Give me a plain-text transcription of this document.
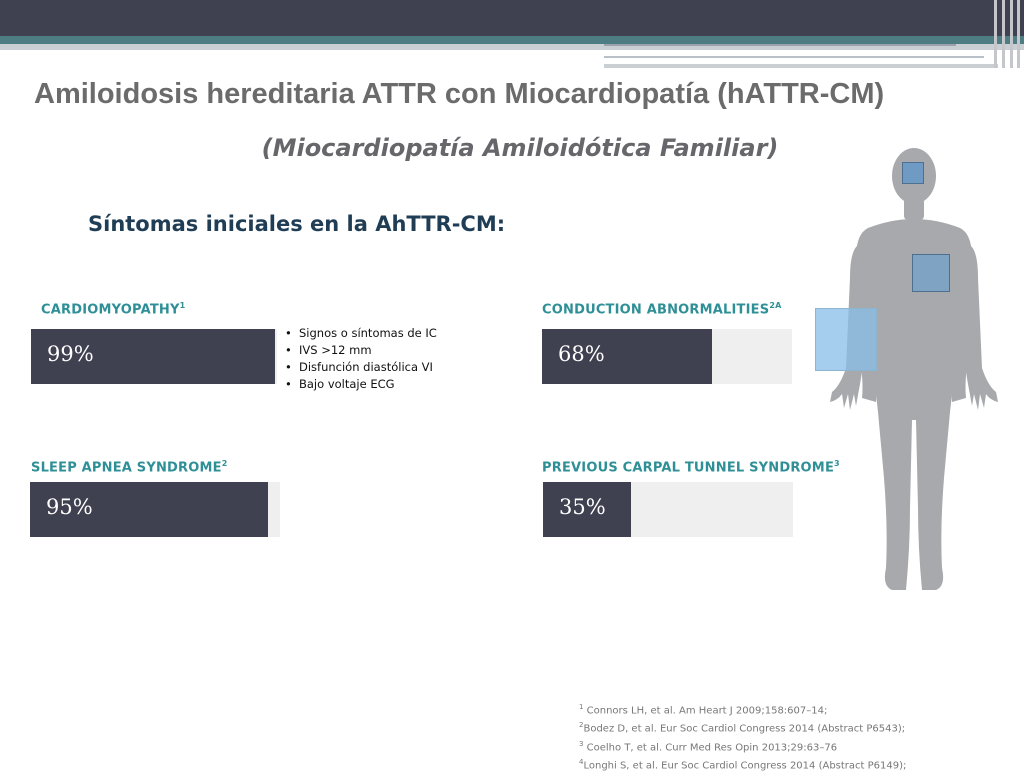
Amiloidosis hereditaria ATTR con Miocardiopatía (hATTR-CM)
(Miocardiopatía Amiloidótica Familiar)
Síntomas iniciales en la AhTTR-CM:
CARDIOMYOPATHY$^1$
99%
• Signos o síntomas de IC
• IVS >12 mm
• Disfunción diastólica VI
• Bajo voltaje ECG
CONDUCTION $ABNORMALITIES^{2A}$
68%
SLEEP APNEA SYNDROME$^2$
95%
PREVIOUS CARPAL TUNNEL SYNDROME$^3$
35%
$^1$ Connors LH, et al. Am Heart J 2009;158:607–14;
$^2$Bodez D, et al. Eur Soc Cardiol Congress 2014 (Abstract P6543);
$^3$ Coelho T, et al. Curr Med Res Opin 2013;29:63–76
$^4$Longhi S, et al. Eur Soc Cardiol Congress 2014 (Abstract P6149);
